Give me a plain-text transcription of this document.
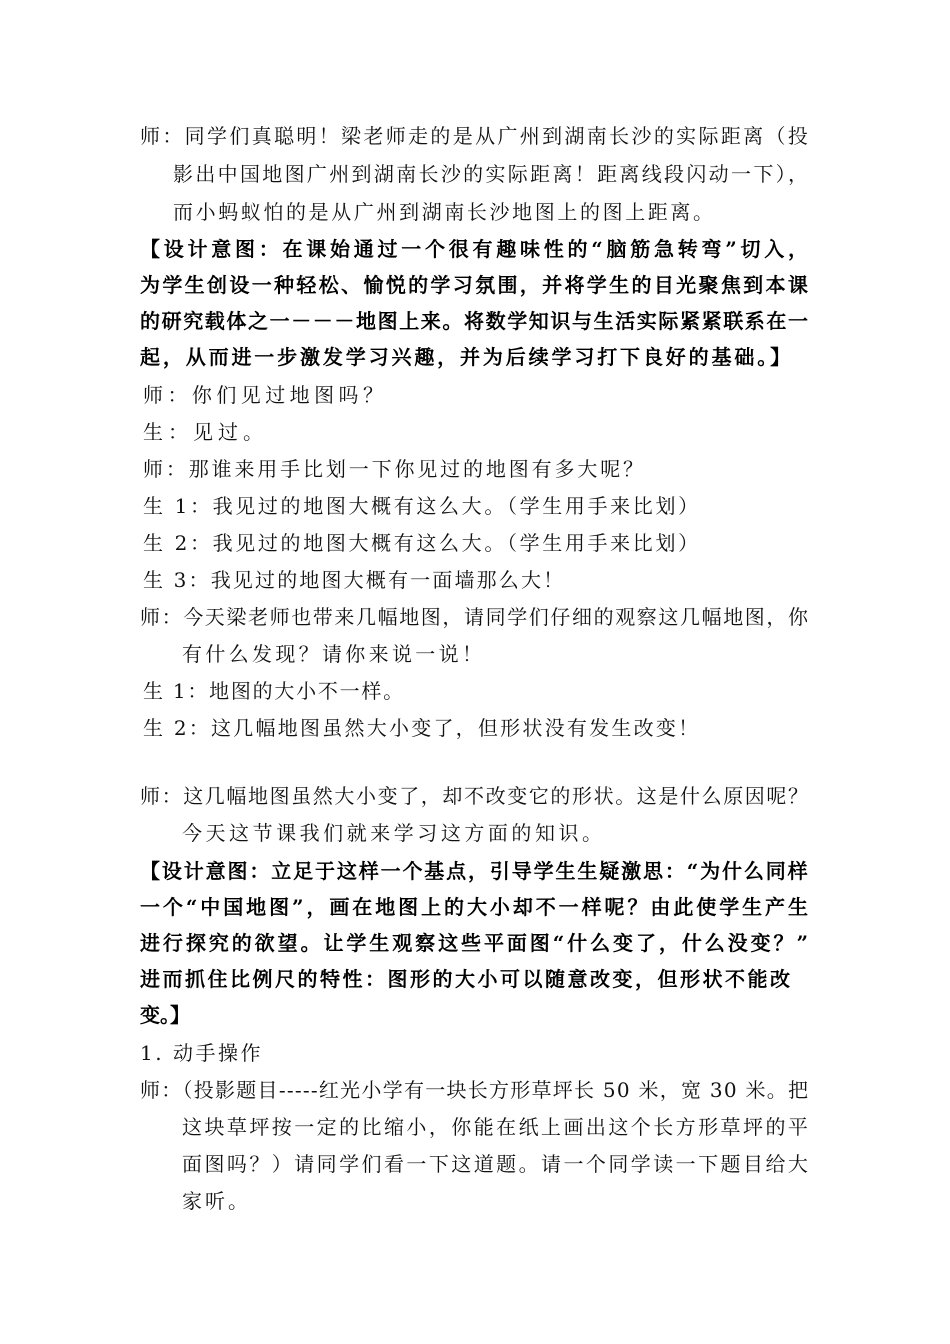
师：同学们真聪明！梁老师走的是从广州到湖南长沙的实际距离（投
影出中国地图广州到湖南长沙的实际距离！距离线段闪动一下），
而小蚂蚁怕的是从广州到湖南长沙地图上的图上距离。
【设计意图：在课始通过一个很有趣味性的“脑筋急转弯”切入，
为学生创设一种轻松、愉悦的学习氛围，并将学生的目光聚焦到本课
的研究载体之一－－－地图上来。将数学知识与生活实际紧紧联系在一
起，从而进一步激发学习兴趣，并为后续学习打下良好的基础。】
师：你们见过地图吗？
生：见过。
师：那谁来用手比划一下你见过的地图有多大呢？
生 1：我见过的地图大概有这么大。（学生用手来比划）
生 2：我见过的地图大概有这么大。（学生用手来比划）
生 3：我见过的地图大概有一面墙那么大！
师：今天梁老师也带来几幅地图，请同学们仔细的观察这几幅地图，你
有什么发现？请你来说一说！
生 1：地图的大小不一样。
生 2：这几幅地图虽然大小变了，但形状没有发生改变！
师：这几幅地图虽然大小变了，却不改变它的形状。这是什么原因呢？
今天这节课我们就来学习这方面的知识。
【设计意图：立足于这样一个基点，引导学生生疑激思：“为什么同样
一个“中国地图”，画在地图上的大小却不一样呢？由此使学生产生
进行探究的欲望。让学生观察这些平面图“什么变了，什么没变？”
进而抓住比例尺的特性：图形的大小可以随意改变，但形状不能改
变。】
1. 动手操作
师：（投影题目-----红光小学有一块长方形草坪长 50 米，宽 30 米。把
这块草坪按一定的比缩小，你能在纸上画出这个长方形草坪的平
面图吗？）请同学们看一下这道题。请一个同学读一下题目给大
家听。
